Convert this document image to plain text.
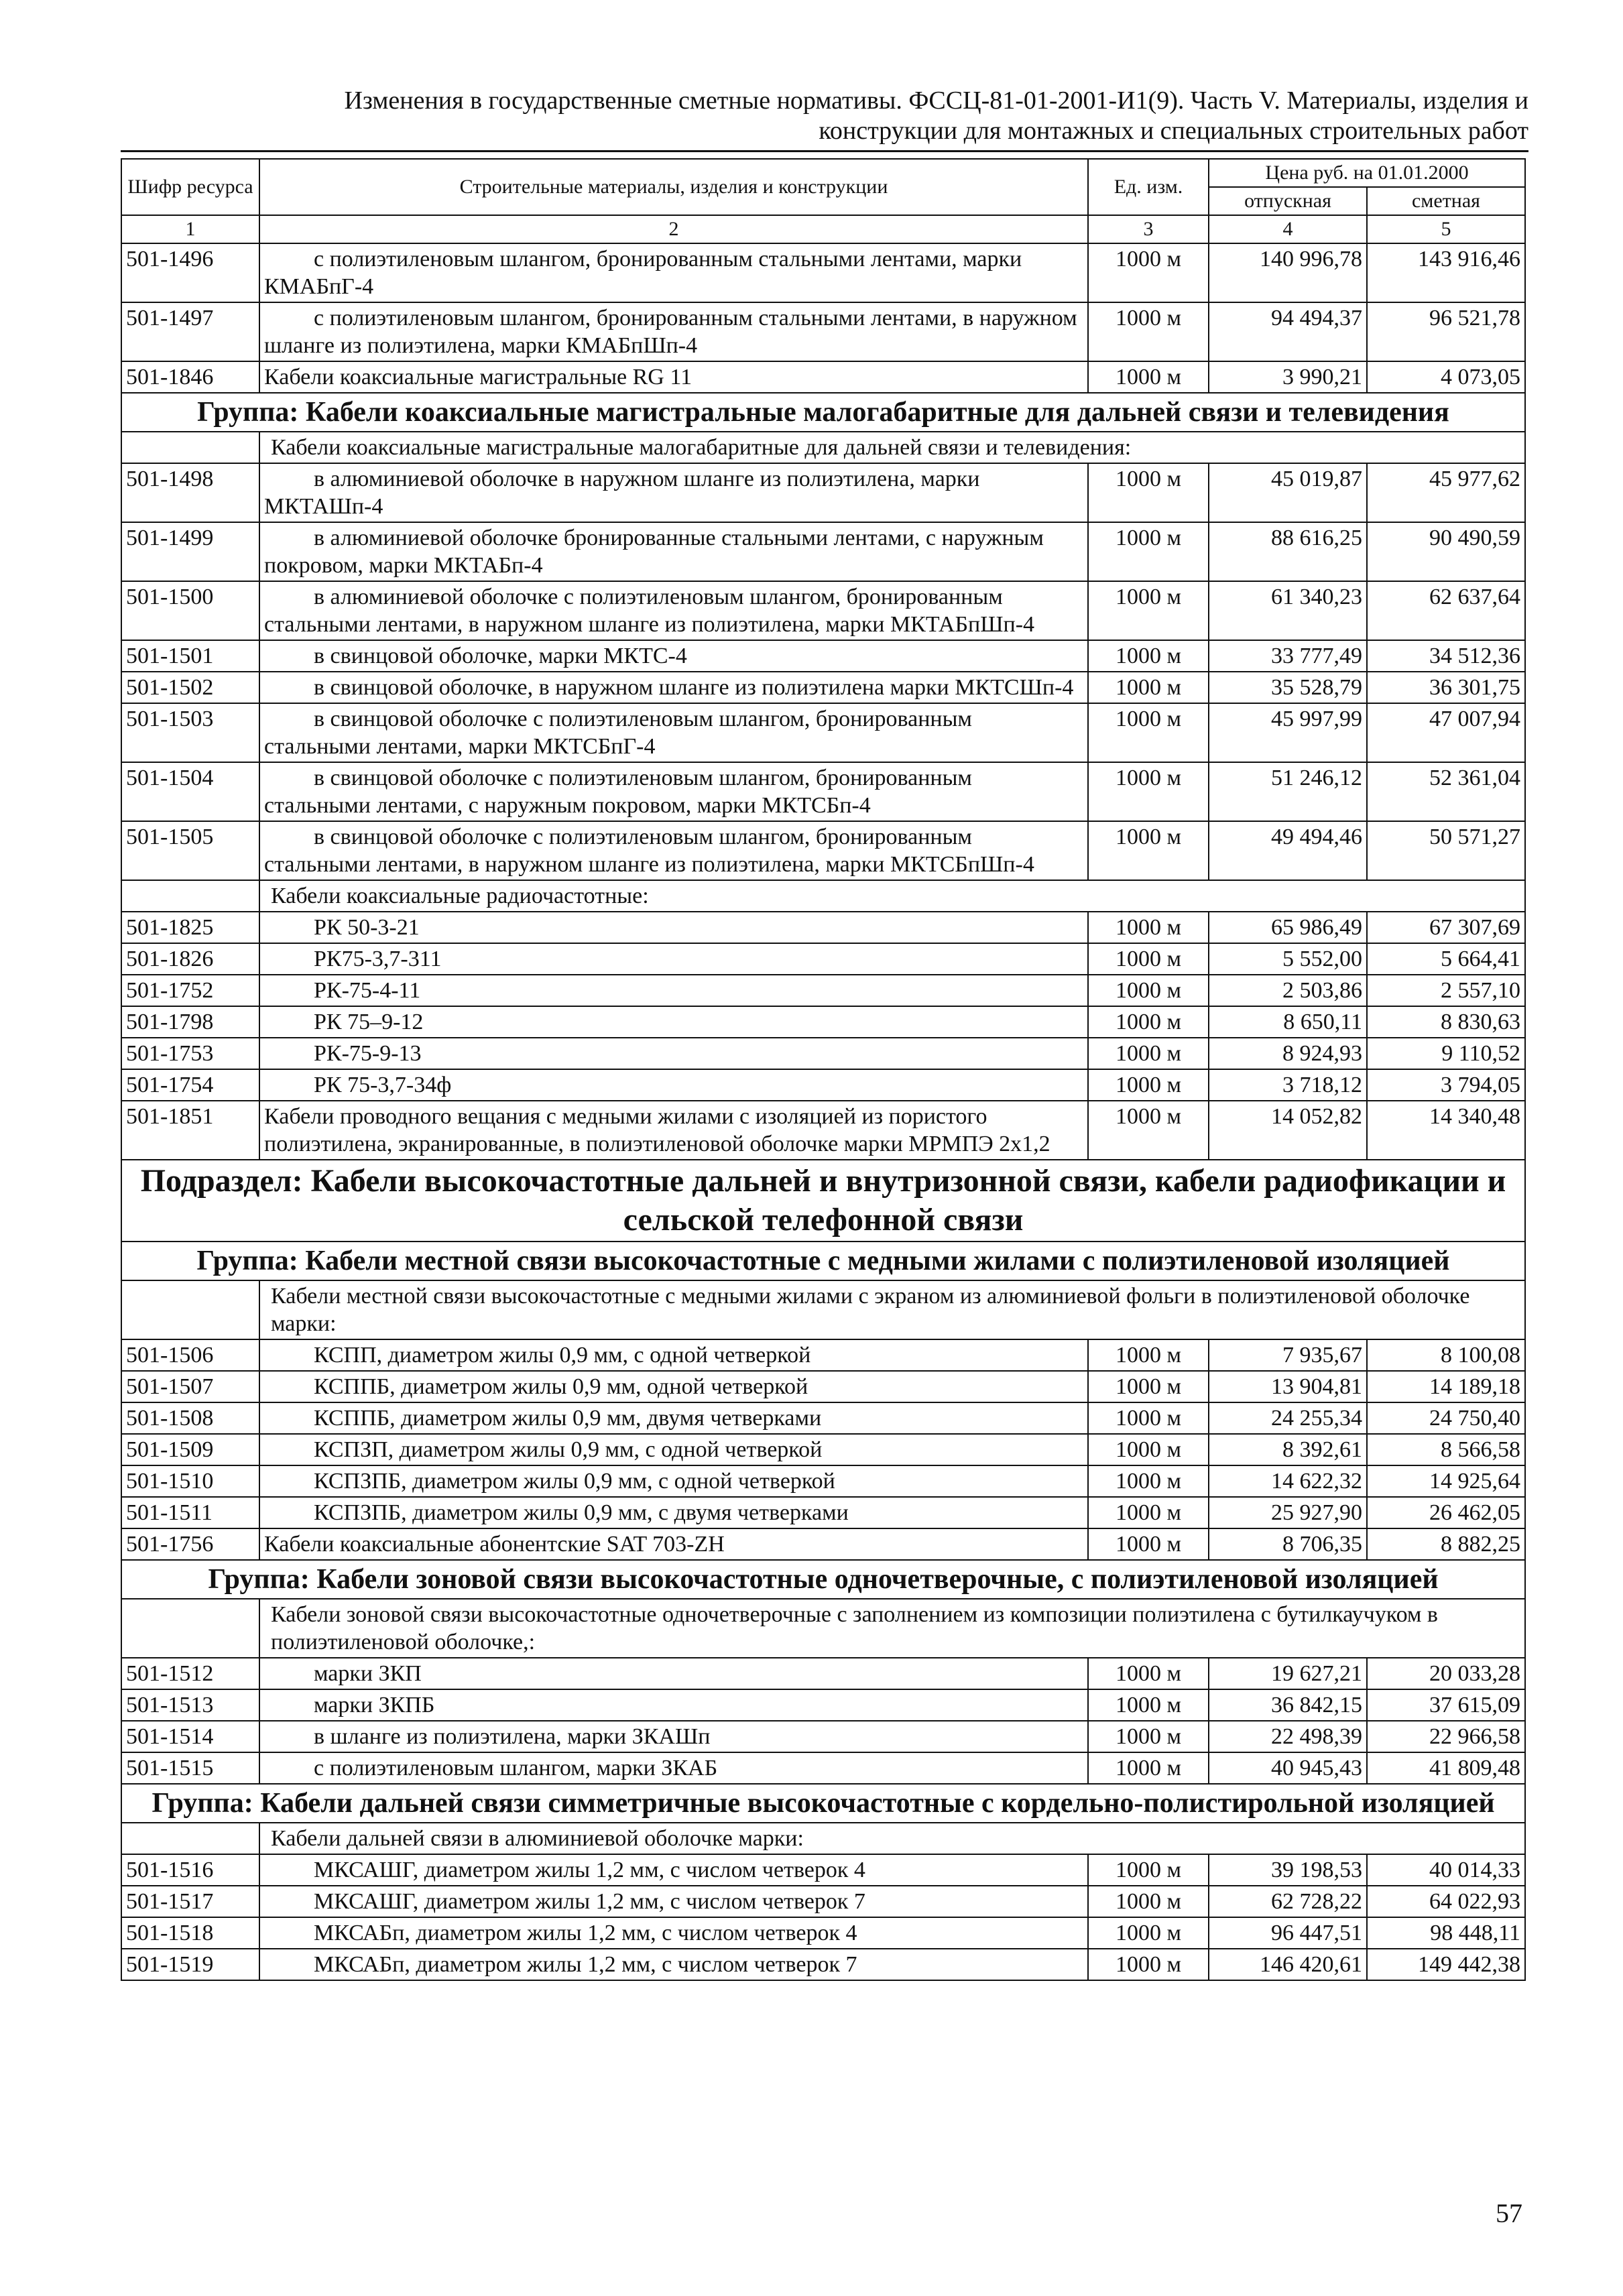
Изменения в государственные сметные нормативы. ФССЦ-81-01-2001-И1(9). Часть V. Материалы, изделия и
конструкции для монтажных и специальных строительных работ
Шифр ресурса	Строительные материалы, изделия и конструкции	Ед. изм.	Цена руб. на 01.01.2000	
			отпускная	сметная
1	2	3	4	5
501-1496	с полиэтиленовым шлангом, бронированным стальными лентами, марки КМАБпГ-4	1000 м	140 996,78	143 916,46
501-1497	с полиэтиленовым шлангом, бронированным стальными лентами, в наружном шланге из полиэтилена, марки КМАБпШп-4	1000 м	94 494,37	96 521,78
501-1846	Кабели коаксиальные магистральные RG 11	1000 м	3 990,21	4 073,05
Группа: Кабели коаксиальные магистральные малогабаритные для дальней связи и телевидения				
	Кабели коаксиальные магистральные малогабаритные для дальней связи и телевидения:			
501-1498	в алюминиевой оболочке в наружном шланге из полиэтилена, марки МКТАШп-4	1000 м	45 019,87	45 977,62
501-1499	в алюминиевой оболочке бронированные стальными лентами, с наружным покровом, марки МКТАБп-4	1000 м	88 616,25	90 490,59
501-1500	в алюминиевой оболочке с полиэтиленовым шлангом, бронированным стальными лентами, в наружном шланге из полиэтилена, марки МКТАБпШп-4	1000 м	61 340,23	62 637,64
501-1501	в свинцовой оболочке, марки МКТС-4	1000 м	33 777,49	34 512,36
501-1502	в свинцовой оболочке, в наружном шланге из полиэтилена марки МКТСШп-4	1000 м	35 528,79	36 301,75
501-1503	в свинцовой оболочке с полиэтиленовым шлангом, бронированным стальными лентами, марки МКТСБпГ-4	1000 м	45 997,99	47 007,94
501-1504	в свинцовой оболочке с полиэтиленовым шлангом, бронированным стальными лентами, с наружным покровом, марки МКТСБп-4	1000 м	51 246,12	52 361,04
501-1505	в свинцовой оболочке с полиэтиленовым шлангом, бронированным стальными лентами, в наружном шланге из полиэтилена, марки МКТСБпШп-4	1000 м	49 494,46	50 571,27
	Кабели коаксиальные радиочастотные:			
501-1825	РК 50-3-21	1000 м	65 986,49	67 307,69
501-1826	РК75-3,7-311	1000 м	5 552,00	5 664,41
501-1752	РК-75-4-11	1000 м	2 503,86	2 557,10
501-1798	РК 75–9-12	1000 м	8 650,11	8 830,63
501-1753	РК-75-9-13	1000 м	8 924,93	9 110,52
501-1754	РК 75-3,7-34ф	1000 м	3 718,12	3 794,05
501-1851	Кабели проводного вещания с медными жилами с изоляцией из пористого полиэтилена, экранированные, в полиэтиленовой оболочке марки МРМПЭ 2х1,2	1000 м	14 052,82	14 340,48
Подраздел: Кабели высокочастотные дальней и внутризонной связи, кабели радиофикации и сельской телефонной связи				
Группа: Кабели местной связи высокочастотные с медными жилами с полиэтиленовой изоляцией				
	Кабели местной связи высокочастотные с медными жилами с экраном из алюминиевой фольги в полиэтиленовой оболочке марки:			
501-1506	КСПП, диаметром жилы 0,9 мм, с одной четверкой	1000 м	7 935,67	8 100,08
501-1507	КСППБ, диаметром жилы 0,9 мм, одной четверкой	1000 м	13 904,81	14 189,18
501-1508	КСППБ, диаметром жилы 0,9 мм, двумя четверками	1000 м	24 255,34	24 750,40
501-1509	КСПЗП, диаметром жилы 0,9 мм, с одной четверкой	1000 м	8 392,61	8 566,58
501-1510	КСПЗПБ, диаметром жилы 0,9 мм, с одной четверкой	1000 м	14 622,32	14 925,64
501-1511	КСПЗПБ, диаметром жилы 0,9 мм, с двумя четверками	1000 м	25 927,90	26 462,05
501-1756	Кабели коаксиальные абонентские SAT 703-ZH	1000 м	8 706,35	8 882,25
Группа: Кабели зоновой связи высокочастотные одночетверочные, с полиэтиленовой изоляцией				
	Кабели зоновой связи высокочастотные одночетверочные с заполнением из композиции полиэтилена с бутилкаучуком в полиэтиленовой оболочке,:			
501-1512	марки ЗКП	1000 м	19 627,21	20 033,28
501-1513	марки ЗКПБ	1000 м	36 842,15	37 615,09
501-1514	в шланге из полиэтилена, марки ЗКАШп	1000 м	22 498,39	22 966,58
501-1515	с полиэтиленовым шлангом, марки ЗКАБ	1000 м	40 945,43	41 809,48
Группа: Кабели дальней связи симметричные высокочастотные с кордельно-полистирольной изоляцией				
	Кабели дальней связи в алюминиевой оболочке марки:			
501-1516	МКСАШГ, диаметром жилы 1,2 мм, с числом четверок 4	1000 м	39 198,53	40 014,33
501-1517	МКСАШГ, диаметром жилы 1,2 мм, с числом четверок 7	1000 м	62 728,22	64 022,93
501-1518	МКСАБп, диаметром жилы 1,2 мм, с числом четверок 4	1000 м	96 447,51	98 448,11
501-1519	МКСАБп, диаметром жилы 1,2 мм, с числом четверок 7	1000 м	146 420,61	149 442,38
57
